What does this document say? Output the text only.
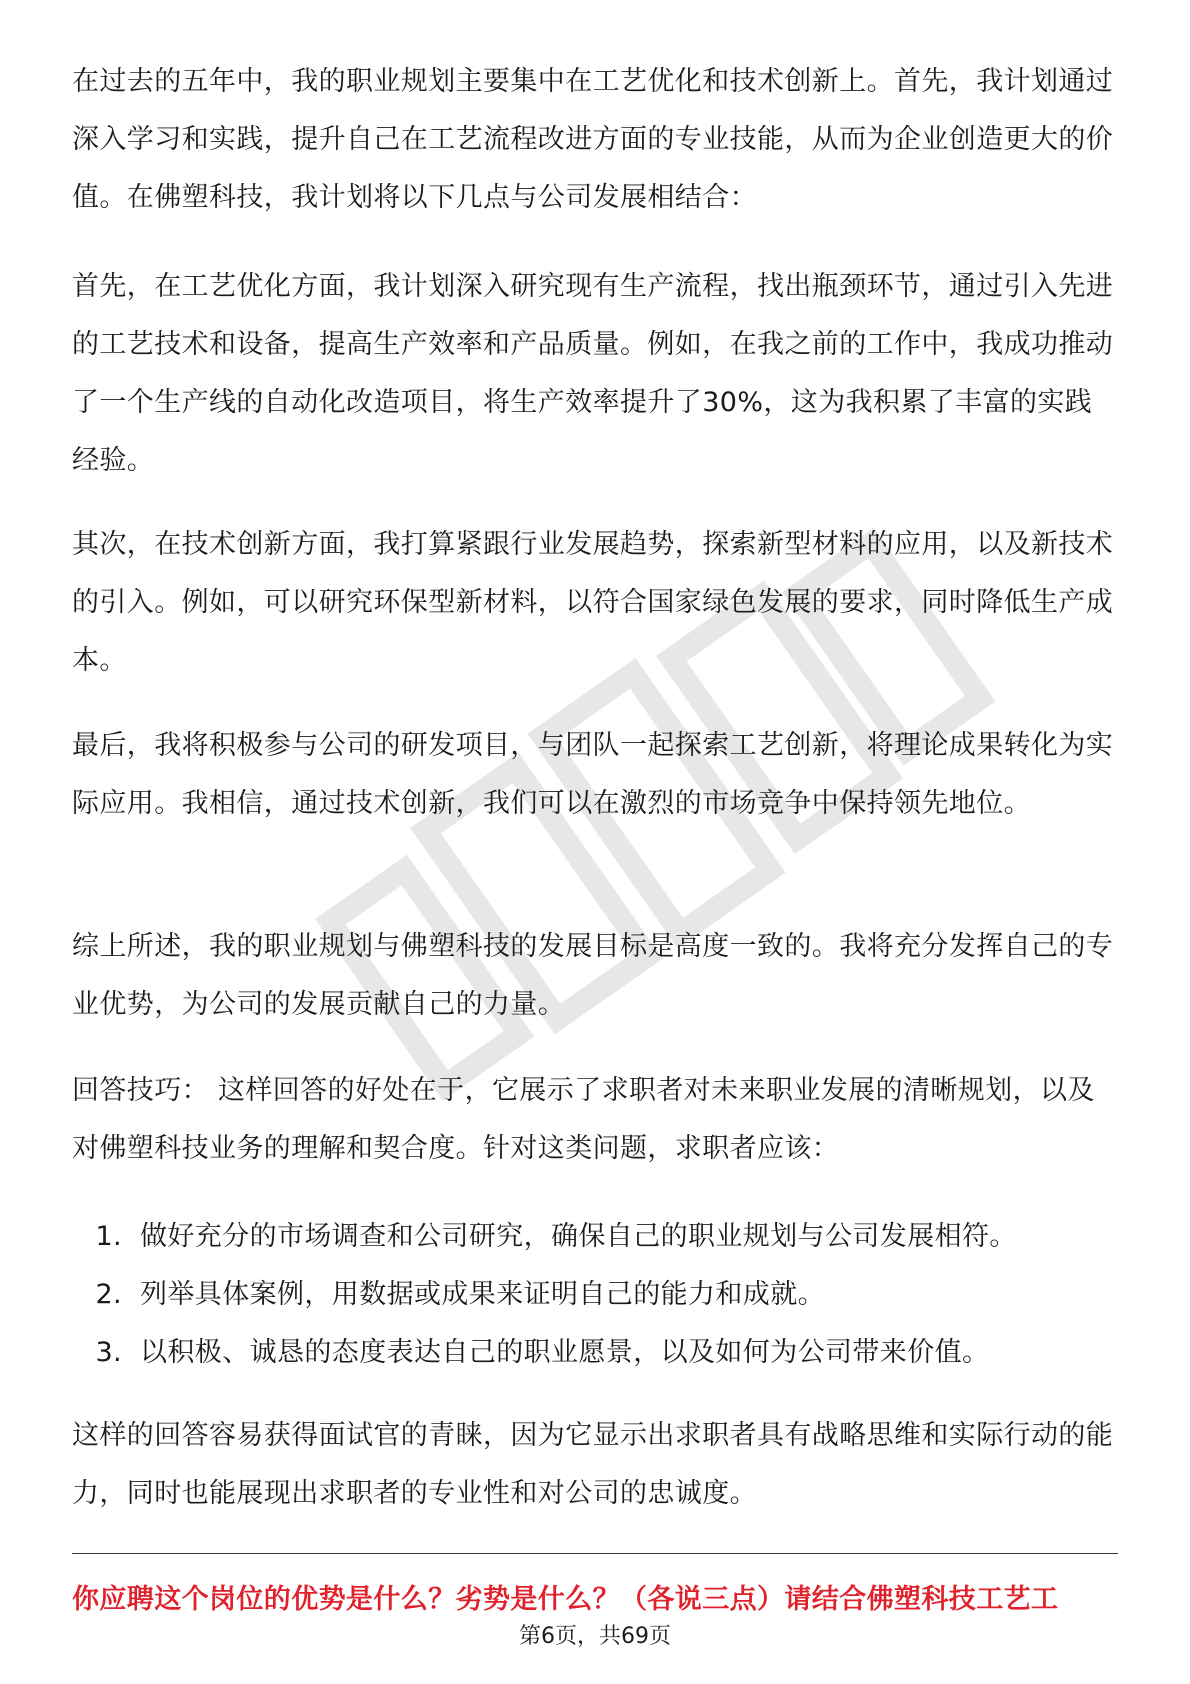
在过去的五年中，我的职业规划主要集中在工艺优化和技术创新上。首先，我计划通过深入学习和实践，提升自己在工艺流程改进方面的专业技能，从而为企业创造更大的价值。在佛塑科技，我计划将以下几点与公司发展相结合：

首先，在工艺优化方面，我计划深入研究现有生产流程，找出瓶颈环节，通过引入先进的工艺技术和设备，提高生产效率和产品质量。例如，在我之前的工作中，我成功推动了一个生产线的自动化改造项目，将生产效率提升了30%，这为我积累了丰富的实践经验。

其次，在技术创新方面，我打算紧跟行业发展趋势，探索新型材料的应用，以及新技术的引入。例如，可以研究环保型新材料，以符合国家绿色发展的要求，同时降低生产成本。

最后，我将积极参与公司的研发项目，与团队一起探索工艺创新，将理论成果转化为实际应用。我相信，通过技术创新，我们可以在激烈的市场竞争中保持领先地位。

综上所述，我的职业规划与佛塑科技的发展目标是高度一致的。我将充分发挥自己的专业优势，为公司的发展贡献自己的力量。

回答技巧： 这样回答的好处在于，它展示了求职者对未来职业发展的清晰规划，以及对佛塑科技业务的理解和契合度。针对这类问题，求职者应该：

1. 做好充分的市场调查和公司研究，确保自己的职业规划与公司发展相符。
2. 列举具体案例，用数据或成果来证明自己的能力和成就。
3. 以积极、诚恳的态度表达自己的职业愿景，以及如何为公司带来价值。

这样的回答容易获得面试官的青睐，因为它显示出求职者具有战略思维和实际行动的能力，同时也能展现出求职者的专业性和对公司的忠诚度。

你应聘这个岗位的优势是什么？劣势是什么？（各说三点）请结合佛塑科技工艺工
第6页，共69页
